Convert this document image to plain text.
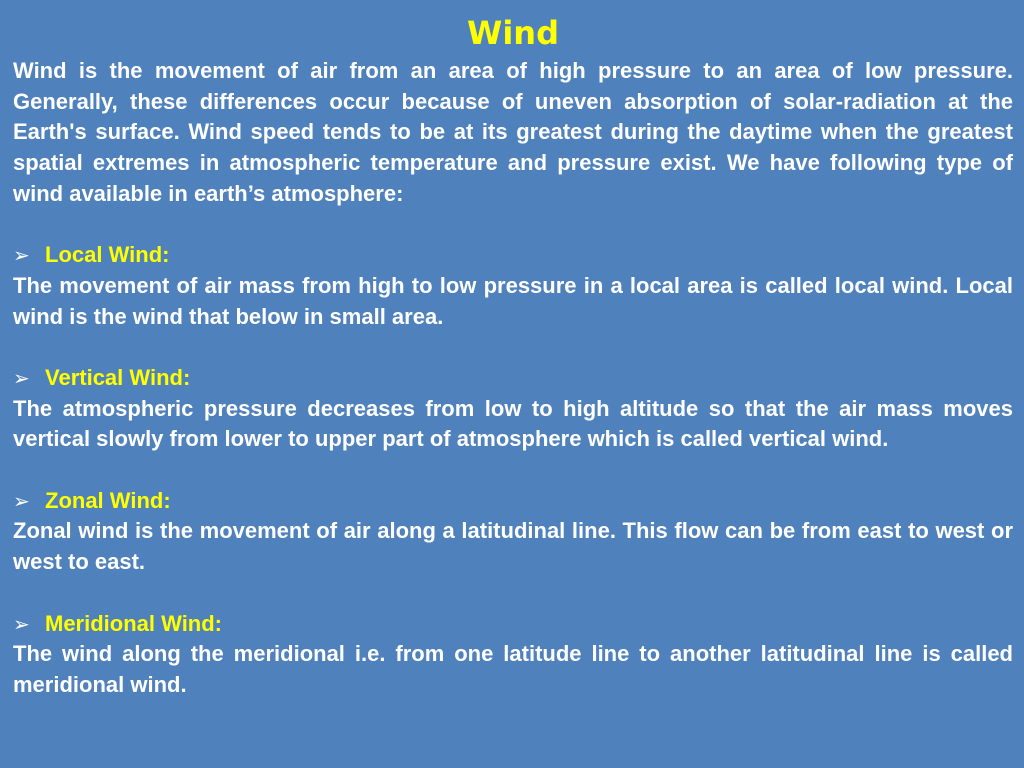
Wind

Wind is the movement of air from an area of high pressure to an area of low pressure. Generally, these differences occur because of uneven absorption of solar-radiation at the Earth's surface. Wind speed tends to be at its greatest during the daytime when the greatest spatial extremes in atmospheric temperature and pressure exist. We have following type of wind available in earth’s atmosphere:

➢ Local Wind:

The movement of air mass from high to low pressure in a local area is called local wind. Local wind is the wind that below in small area.

➢ Vertical Wind:

The atmospheric pressure decreases from low to high altitude so that the air mass moves vertical slowly from lower to upper part of atmosphere which is called vertical wind.

➢ Zonal Wind:

Zonal wind is the movement of air along a latitudinal line. This flow can be from east to west or west to east.

➢ Meridional Wind:

The wind along the meridional i.e. from one latitude line to another latitudinal line is called meridional wind.
